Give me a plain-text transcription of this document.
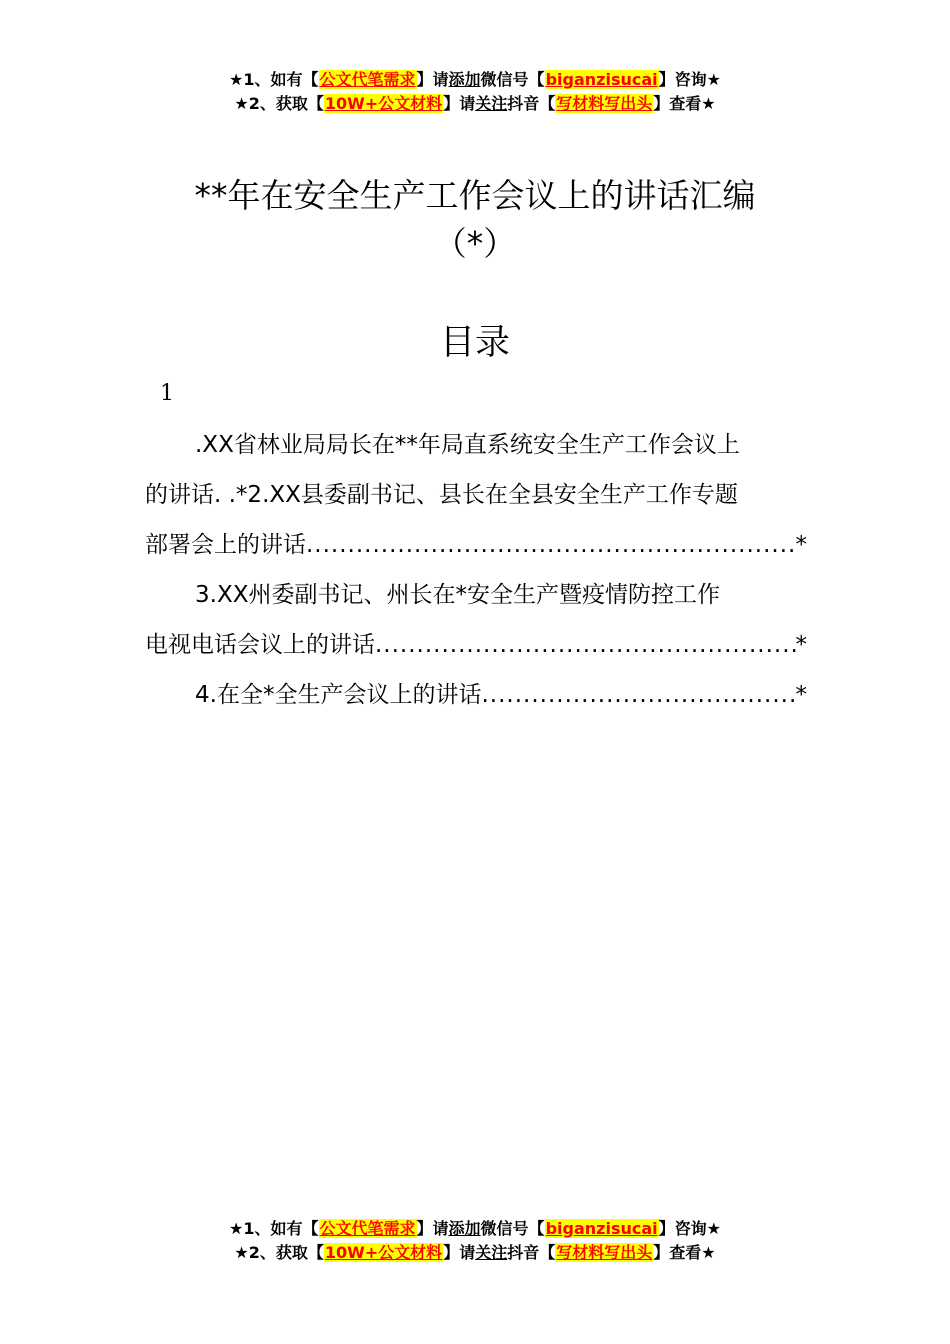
★1、如有【公文代笔需求】请添加微信号【biganzisucai】咨询★
★2、获取【10W+公文材料】请关注抖音【写材料写出头】查看★
**年在安全生产工作会议上的讲话汇编
（*）
目录
1
.XX省林业局局长在**年局直系统安全生产工作会议上
的讲话. .*2.XX县委副书记、县长在全县安全生产工作专题
部署会上的讲话 .....	*
3.XX州委副书记、州长在*安全生产暨疫情防控工作
电视电话会议上的讲话 .....	*
4.在全*全生产会议上的讲话 .....	*
★1、如有【公文代笔需求】请添加微信号【biganzisucai】咨询★
★2、获取【10W+公文材料】请关注抖音【写材料写出头】查看★
